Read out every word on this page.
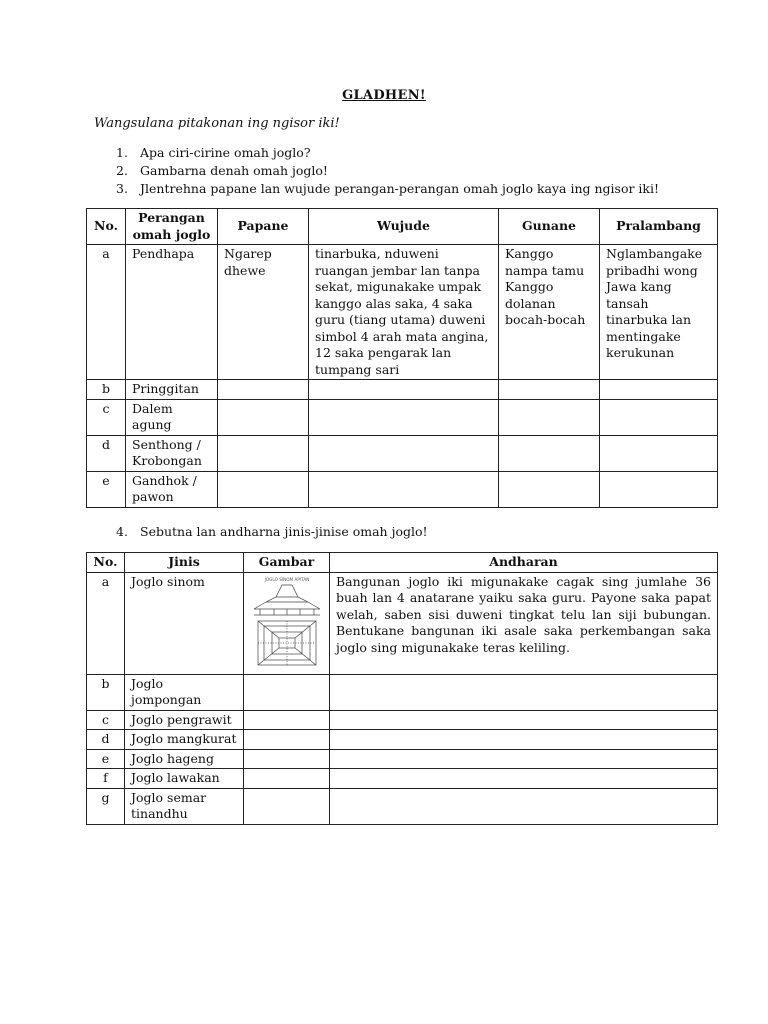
GLADHEN!
Wangsulana pitakonan ing ngisor iki!
1. Apa ciri-cirine omah joglo?
2. Gambarna denah omah joglo!
3. Jlentrehna papane lan wujude perangan-perangan omah joglo kaya ing ngisor iki!
No.	Perangan omah joglo	Papane	Wujude	Gunane	Pralambang
a	Pendhapa	Ngarep dhewe	tinarbuka, nduweni ruangan jembar lan tanpa sekat, migunakake umpak kanggo alas saka, 4 saka guru (tiang utama) duweni simbol 4 arah mata angina, 12 saka pengarak lan tumpang sari	Kanggo nampa tamu Kanggo dolanan bocah-bocah	Nglambangake pribadhi wong Jawa kang tansah tinarbuka lan mentingake kerukunan
b	Pringgitan				
c	Dalem agung				
d	Senthong / Krobongan				
e	Gandhok / pawon				
4. Sebutna lan andharna jinis-jinise omah joglo!
No.	Jinis	Gambar	Andharan
a	Joglo sinom	JOGLO SINOM APITAN	Bangunan joglo iki migunakake cagak sing jumlahe 36 buah lan 4 anatarane yaiku saka guru. Payone saka papat welah, saben sisi duweni tingkat telu lan siji bubungan. Bentukane bangunan iki asale saka perkembangan saka joglo sing migunakake teras keliling.
b	Joglo jompongan		
c	Joglo pengrawit		
d	Joglo mangkurat		
e	Joglo hageng		
f	Joglo lawakan		
g	Joglo semar tinandhu		
